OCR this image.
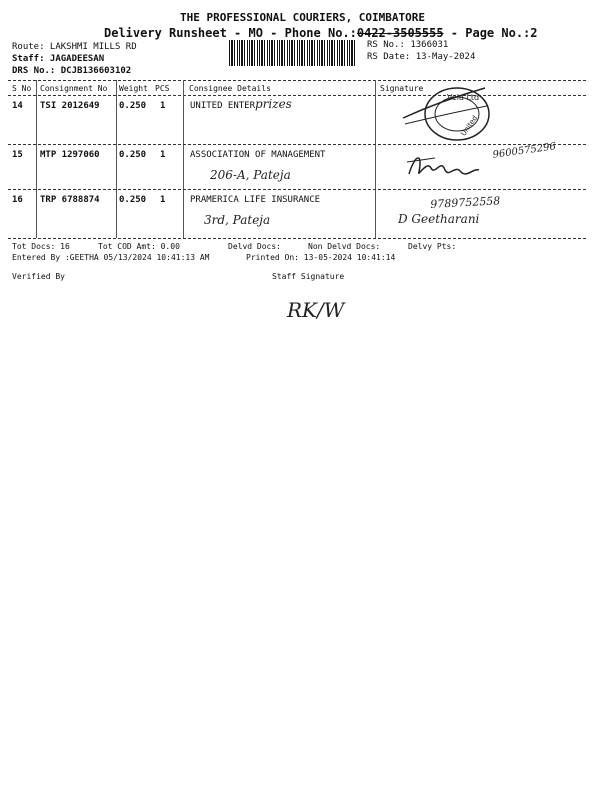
THE PROFESSIONAL COURIERS, COIMBATORE
Delivery Runsheet - MO - Phone No.:0422-3505555 - Page No.:2
Route: LAKSHMI MILLS RD
Staff: JAGADEESAN
DRS No.: DCJB136603102
RS No.: 1366031
RS Date: 13-May-2024
S No Consignment No Weight PCS Consignee Details	Signature
14 TSI 2012649 0.250 1	UNITED ENTER prizes	Vela Ltd
United
15 MTP 1297060 0.250 1	ASSOCIATION OF MANAGEMENT
206-A, Pateja
9600575296
16 TRP 6788874 0.250 1	PRAMERICA LIFE INSURANCE
3rd, Pateja
9789752558
D Geetharani
Tot Docs: 16	Tot COD Amt: 0.00	Delvd Docs:	Non Delvd Docs:	Delvy Pts:
Entered By :GEETHA 05/13/2024 10:41:13 AM	Printed On: 13-05-2024 10:41:14
Verified By	Staff Signature
RK/W
